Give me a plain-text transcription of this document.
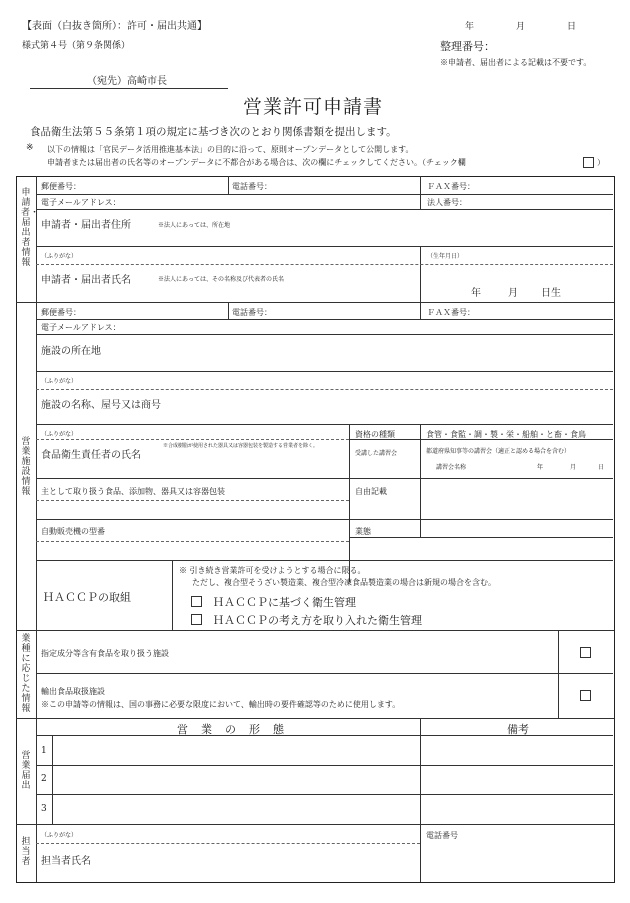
【表面（白抜き箇所）：許可・届出共通】
様式第４号（第９条関係）
年	月	日
整理番号：
※申請者、届出者による記載は不要です。
（宛先）高崎市長
営業許可申請書
食品衛生法第５５条第１項の規定に基づき次のとおり関係書類を提出します。
※ 以下の情報は「官民データ活用推進基本法」の目的に沿って、原則オープンデータとして公開します。
申請者または届出者の氏名等のオープンデータに不都合がある場合は、次の欄にチェックしてください。（チェック欄	）
申請者・届出者情報
営業施設情報
業種に応じた情報
営業届出
担当者
郵便番号：	電話番号：	ＦＡＸ番号：
電子メールアドレス：	法人番号：
申請者・届出者住所	※法人にあっては、所在地
（ふりがな）	（生年月日）
申請者・届出者氏名	※法人にあっては、その名称及び代表者の氏名
年	月 日生
郵便番号：	電話番号：	ＦＡＸ番号：
電子メールアドレス：
施設の所在地
（ふりがな）
施設の名称、屋号又は商号
（ふりがな）	資格の種類	食管・食監・調・製・栄・船舶・と畜・食鳥
食品衛生責任者の氏名
※合成樹脂が使用された器具又は容器包装を製造する営業者を除く。
受講した講習会	都道府県知事等の講習会（適正と認める場合を含む）
講習会名称	年	月	日
主として取り扱う食品、添加物、器具又は容器包装	自由記載
自動販売機の型番	業態
ＨＡＣＣＰの取組
※ 引き続き営業許可を受けようとする場合に限る。
ただし、複合型そうざい製造業、複合型冷凍食品製造業の場合は新規の場合を含む。
ＨＡＣＣＰに基づく衛生管理
ＨＡＣＣＰの考え方を取り入れた衛生管理
指定成分等含有食品を取り扱う施設
輸出食品取扱施設
※この申請等の情報は、国の事務に必要な限度において、輸出時の要件確認等のために使用します。
営　業　の　形　態	備考
1
2
3
（ふりがな）	電話番号
担当者氏名
